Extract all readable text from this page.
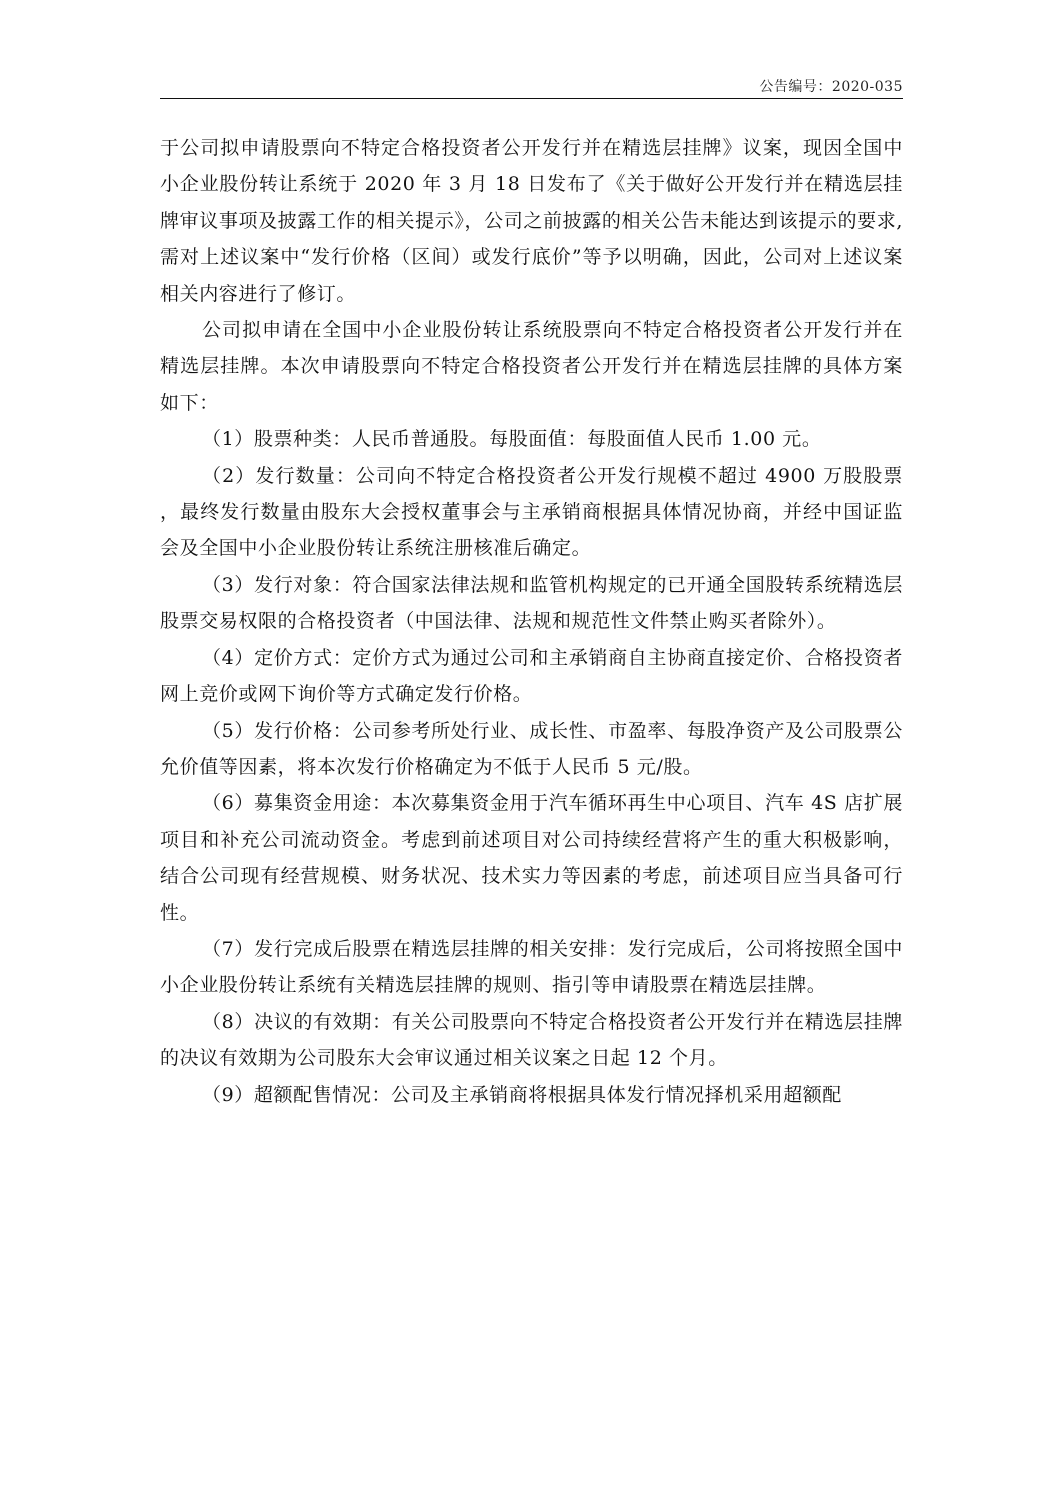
公告编号：2020-035

于公司拟申请股票向不特定合格投资者公开发行并在精选层挂牌》议案，现因全国中小企业股份转让系统于 2020 年 3 月 18 日发布了《关于做好公开发行并在精选层挂牌审议事项及披露工作的相关提示》，公司之前披露的相关公告未能达到该提示的要求,需对上述议案中“发行价格（区间）或发行底价”等予以明确，因此，公司对上述议案相关内容进行了修订。

公司拟申请在全国中小企业股份转让系统股票向不特定合格投资者公开发行并在精选层挂牌。本次申请股票向不特定合格投资者公开发行并在精选层挂牌的具体方案如下：

（1）股票种类：人民币普通股。每股面值：每股面值人民币 1.00 元。

（2）发行数量：公司向不特定合格投资者公开发行规模不超过 4900 万股股票 ，最终发行数量由股东大会授权董事会与主承销商根据具体情况协商，并经中国证监会及全国中小企业股份转让系统注册核准后确定。

（3）发行对象：符合国家法律法规和监管机构规定的已开通全国股转系统精选层股票交易权限的合格投资者（中国法律、法规和规范性文件禁止购买者除外）。

（4）定价方式：定价方式为通过公司和主承销商自主协商直接定价、合格投资者网上竞价或网下询价等方式确定发行价格。

（5）发行价格：公司参考所处行业、成长性、市盈率、每股净资产及公司股票公允价值等因素，将本次发行价格确定为不低于人民币 5 元/股。

（6）募集资金用途：本次募集资金用于汽车循环再生中心项目、汽车 4S 店扩展项目和补充公司流动资金。考虑到前述项目对公司持续经营将产生的重大积极影响，结合公司现有经营规模、财务状况、技术实力等因素的考虑，前述项目应当具备可行性。

（7）发行完成后股票在精选层挂牌的相关安排：发行完成后，公司将按照全国中小企业股份转让系统有关精选层挂牌的规则、指引等申请股票在精选层挂牌。

（8）决议的有效期：有关公司股票向不特定合格投资者公开发行并在精选层挂牌的决议有效期为公司股东大会审议通过相关议案之日起 12 个月。

（9）超额配售情况：公司及主承销商将根据具体发行情况择机采用超额配
